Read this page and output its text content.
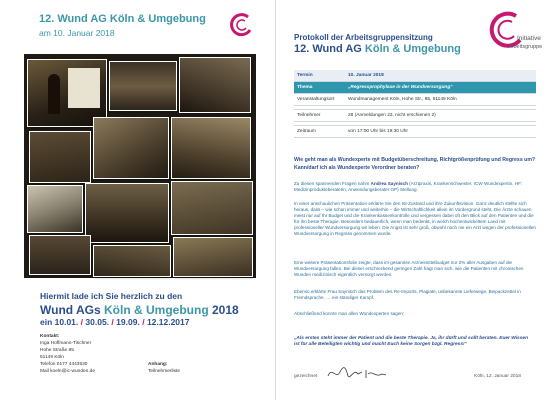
12. Wund AG Köln & Umgebung
am 10. Januar 2018
Hiermit lade ich Sie herzlich zu den
Wund AGs Köln & Umgebung 2018
ein 10.01. / 30.05. / 19.09. / 12.12.2017
Kontakt:
Inga Hoffmann-Tischner
Hohe Straße 85
51149 Köln
Telefon 0177 4443530
Mail koeln@ic-wunden.de
Anhang:
Teilnehmerliste
Protokoll der Arbeitsgruppensitzung
12. Wund AG Köln & Umgebung
Initiative
Arbeitsgruppe
Termin	10. Januar 2018
Thema	„Regressprophylaxe in der Wundversorgung“
Veranstaltungsort	Wundmanagement Köln, Hohe Str., 85, 51149 Köln

Teilnehmer	28 (Anmeldungen 23, nicht erschienen 2)

Zeitraum	von 17:00 Uhr bis 19:30 Uhr
Wie geht man als Wundexperte mit Budgetüberschreitung, Richtgrößenprüfung und Regress um? Kann/darf ich als Wundexperte Verordner beraten?

Zu diesen spannenden Fragen nahm Andrea Saynisch (Arztpraxis, Krankenschwester, ICW Wundexpertin, HF: Medizinprodukteberaterin, Anwendungsberater OP) Stellung.

In einer anschaulichen Präsentation erklärte Sie den Ist-Zustand und ihre Zukunftsvision. Ganz deutlich stellte sich heraus, dass – wie schon immer und weiterhin – die Wirtschaftlichkeit allein im Vordergrund steht. Die Ärzte schauen meist nur auf Ihr Budget und die Krankenkassenkontrolle und vergessen dabei oft den Blick auf den Patienten und die für ihn beste Therapie. Besonders bedauerlich, wenn man bedenkt, in welch hochentwickeltem Land mit professioneller Wundversorgung wir leben. Die Angst ist sehr groß, obwohl noch nie ein Arzt wegen der professionellen Wundversorgung in Regress genommen wurde.

Eine weitere Präsentationsfolie zeigte, dass im gesamten Arzneimittelbudget nur 2% aller Ausgaben auf die Wundversorgung fallen. Bei dieser erschreckend geringen Zahl fragt man sich, wie die Patienten mit chronischen Wunden medizinisch eigentlich versorgt werden.

Ebenso erklärte Frau Saynisch das Problem des Re-Imports, Plagiate, unbekannte Lieferwege, Beipackzettel in Fremdsprache, … ein ständiger Kampf.

Abschließend konnte man allen Wundexperten sagen:

„Als erstes steht immer der Patient und die beste Therapie. Ja, ihr dürft und sollt beraten. Euer Wissen ist für alle Beteiligten wichtig und macht Euch keine Sorgen bzgl. Regress!“
gezeichnet	Köln, 12. Januar 2018
